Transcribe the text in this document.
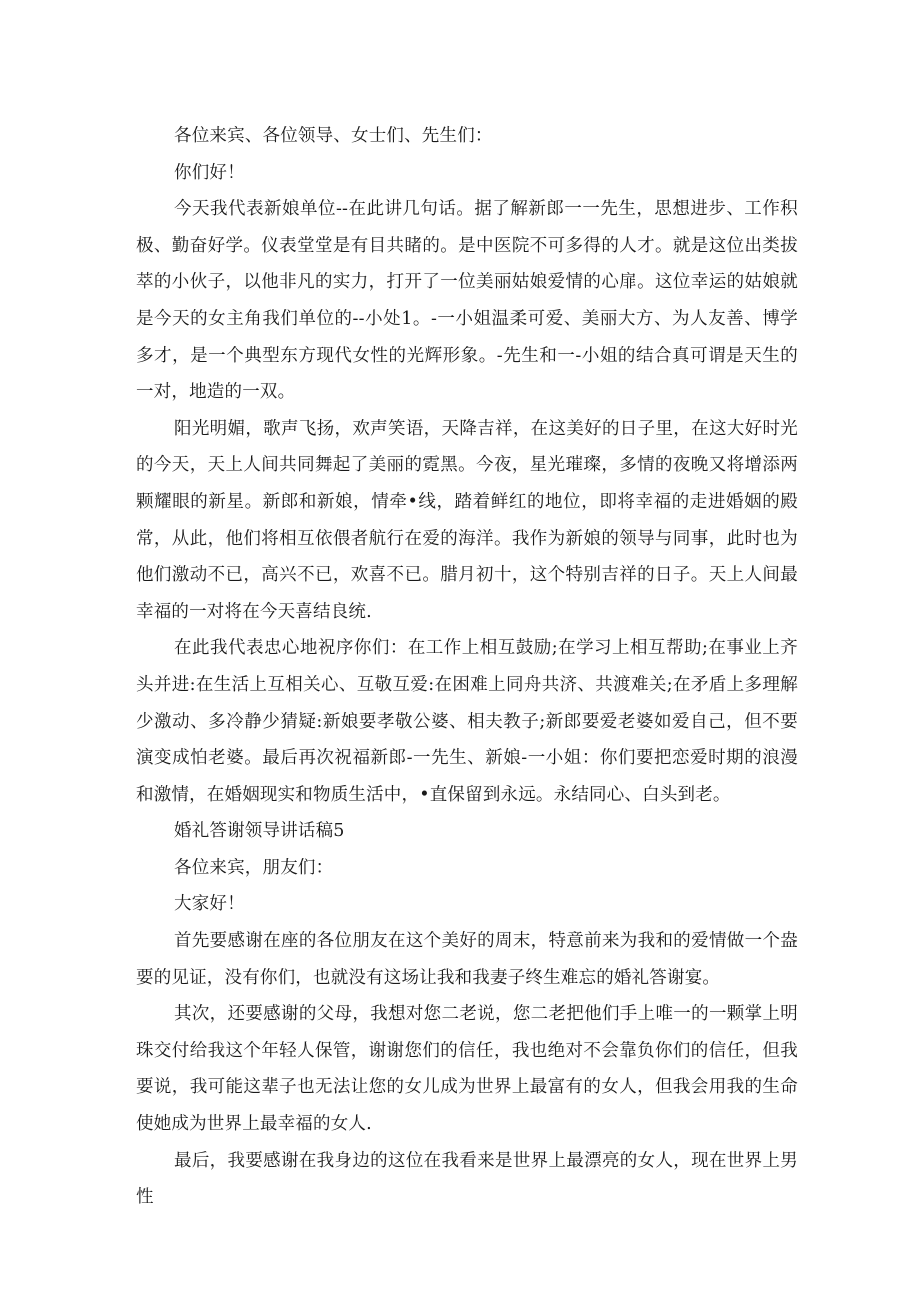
各位来宾、各位领导、女士们、先生们：

你们好！

今天我代表新娘单位--在此讲几句话。据了解新郎一一先生，思想进步、工作积极、勤奋好学。仪表堂堂是有目共睹的。是中医院不可多得的人才。就是这位出类拔萃的小伙子，以他非凡的实力，打开了一位美丽姑娘爱情的心扉。这位幸运的姑娘就是今天的女主角我们单位的--小处1。-一小姐温柔可爱、美丽大方、为人友善、博学多才，是一个典型东方现代女性的光辉形象。-先生和一-小姐的结合真可谓是天生的一对，地造的一双。

阳光明媚，歌声飞扬，欢声笑语，天降吉祥，在这美好的日子里，在这大好时光的今天，天上人间共同舞起了美丽的霓黑。今夜，星光璀璨，多情的夜晚又将增添两颗耀眼的新星。新郎和新娘，情牵•线，踏着鲜红的地位，即将幸福的走进婚姻的殿常，从此，他们将相互依偎者航行在爱的海洋。我作为新娘的领导与同事，此时也为他们激动不已，高兴不已，欢喜不已。腊月初十，这个特别吉祥的日子。天上人间最幸福的一对将在今天喜结良统.

在此我代表忠心地祝序你们：在工作上相互鼓励;在学习上相互帮助;在事业上齐头并进:在生活上互相关心、互敬互爱:在困难上同舟共济、共渡难关;在矛盾上多理解少激动、多冷静少猜疑:新娘要孝敬公婆、相夫教子;新郎要爱老婆如爱自己，但不要演变成怕老婆。最后再次祝福新郎-一先生、新娘-一小姐：你们要把恋爱时期的浪漫和激情，在婚姻现实和物质生活中，•直保留到永远。永结同心、白头到老。

婚礼答谢领导讲话稿5

各位来宾，朋友们：

大家好！

首先要感谢在座的各位朋友在这个美好的周末，特意前来为我和的爱情做一个盎要的见证，没有你们，也就没有这场让我和我妻子终生难忘的婚礼答谢宴。

其次，还要感谢的父母，我想对您二老说，您二老把他们手上唯一的一颗掌上明珠交付给我这个年轻人保管，谢谢您们的信任，我也绝对不会靠负你们的信任，但我要说，我可能这辈子也无法让您的女儿成为世界上最富有的女人，但我会用我的生命使她成为世界上最幸福的女人.

最后，我要感谢在我身边的这位在我看来是世界上最漂亮的女人，现在世界上男性
